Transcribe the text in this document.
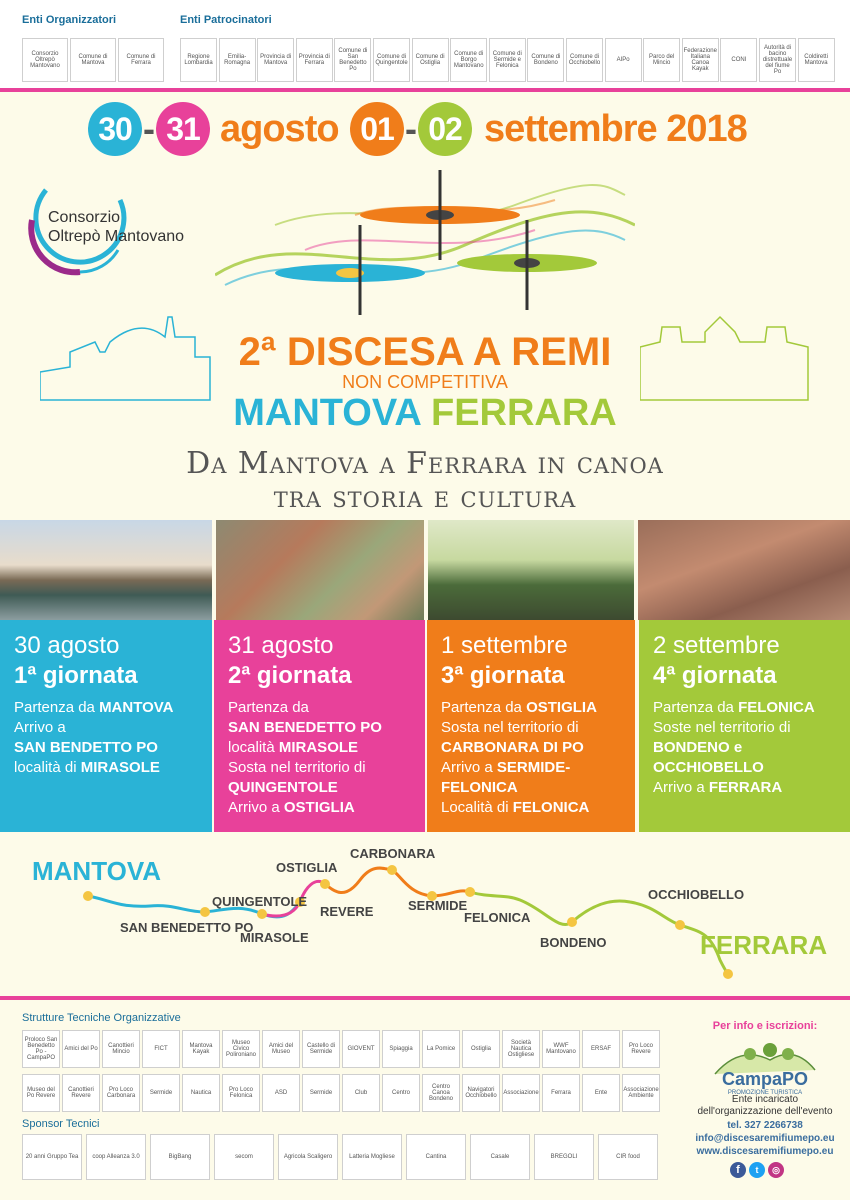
Enti Organizzatori	Enti Patrocinatori
Consorzio Oltrepò Mantovano
Comune di Mantova
Comune di Ferrara
Regione Lombardia
Emilia-Romagna
Provincia di Mantova
Provincia di Ferrara
Comune di San Benedetto Po
Comune di Quingentole
Comune di Ostiglia
Comune di Borgo Mantovano
Comune di Sermide e Felonica
Comune di Bondeno
Comune di Occhiobello	AIPo	Parco del Mincio
Federazione Italiana Canoa Kayak
CONI
Autorità di bacino distrettuale del fiume Po
Coldiretti Mantova
30 - 31 agosto 01 - 02 settembre 2018
Consorzio
Oltrepò Mantovano
2ª DISCESA A REMI
NON COMPETITIVA
MANTOVA FERRARA
Da Mantova a Ferrara in canoa
tra storia e cultura
30 agosto
1ª giornata
Partenza da MANTOVA
Arrivo a
SAN BENDETTO PO
località di MIRASOLE
31 agosto
2ª giornata
Partenza da
SAN BENEDETTO PO
località MIRASOLE
Sosta nel territorio di
QUINGENTOLE
Arrivo a OSTIGLIA
1 settembre
3ª giornata
Partenza da OSTIGLIA
Sosta nel territorio di
CARBONARA DI PO
Arrivo a SERMIDE-FELONICA
Località di FELONICA
2 settembre
4ª giornata
Partenza da FELONICA
Soste nel territorio di
BONDENO e
OCCHIOBELLO
Arrivo a FERRARA
MANTOVA
FERRARA
SAN BENEDETTO PO
QUINGENTOLE
MIRASOLE
OSTIGLIA
REVERE
CARBONARA
SERMIDE
FELONICA
BONDENO
OCCHIOBELLO
Strutture Tecniche Organizzative
Proloco San Benedetto Po - CampaPO
Amici del Po	Canottieri Mincio	FICT	Mantova Kayak
Museo Civico Polironiano
Amici del Museo
Castello di Sermide	GIOVENT	Spiaggia	La Pomice	Ostiglia
Società Nautica Ostigliese
WWF Mantovano	ERSAF	Pro Loco Revere
Museo del Po Revere
Canottieri Revere
Pro Loco Carbonara	Sermide	Nautica	Pro Loco Felonica	ASD	Sermide	Club	Centro
Centro Canoa Bondeno
Navigatori Occhiobello	Associazione	Ferrara	Ente	Associazione Ambiente
Sponsor Tecnici
20 anni Gruppo Tea	coop Alleanza 3.0	BigBang	secom	Agricola Scaligero	Latteria Mogliese	Cantina	Casale	BREGOLI	CIR food
Per info e iscrizioni:
CampaPO
PROMOZIONE TURISTICA
Ente incaricato
dell'organizzazione dell'evento
tel. 327 2266738
info@discesaremifiumepo.eu
www.discesaremifiumepo.eu
f	t	◎
